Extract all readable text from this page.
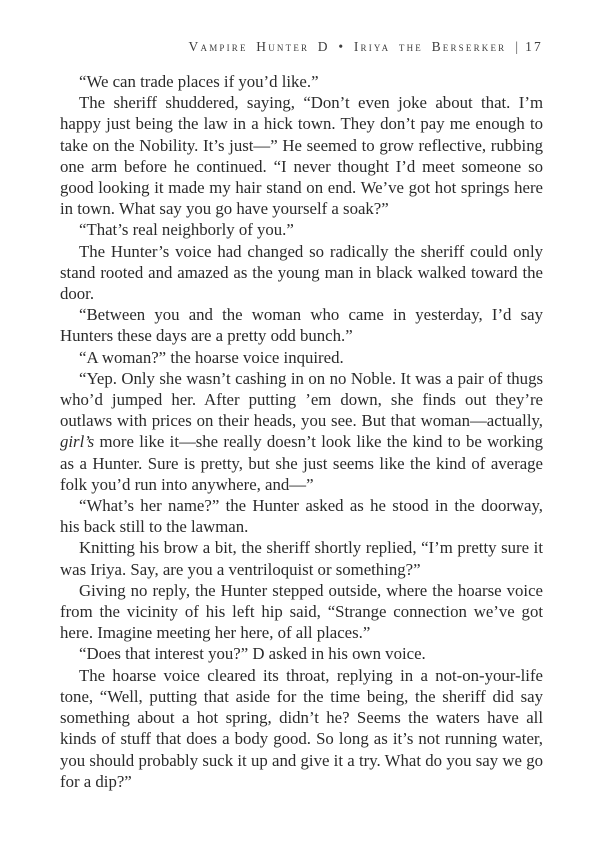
Vampire Hunter D • Iriya the Berserker | 17

“We can trade places if you’d like.”

The sheriff shuddered, saying, “Don’t even joke about that. I’m happy just being the law in a hick town. They don’t pay me enough to take on the Nobility. It’s just—” He seemed to grow reflective, rubbing one arm before he continued. “I never thought I’d meet someone so good looking it made my hair stand on end. We’ve got hot springs here in town. What say you go have yourself a soak?”

“That’s real neighborly of you.”

The Hunter’s voice had changed so radically the sheriff could only stand rooted and amazed as the young man in black walked toward the door.

“Between you and the woman who came in yesterday, I’d say Hunters these days are a pretty odd bunch.”

“A woman?” the hoarse voice inquired.

“Yep. Only she wasn’t cashing in on no Noble. It was a pair of thugs who’d jumped her. After putting ’em down, she finds out they’re outlaws with prices on their heads, you see. But that woman—actually, girl’s more like it—she really doesn’t look like the kind to be working as a Hunter. Sure is pretty, but she just seems like the kind of average folk you’d run into anywhere, and—”

“What’s her name?” the Hunter asked as he stood in the doorway, his back still to the lawman.

Knitting his brow a bit, the sheriff shortly replied, “I’m pretty sure it was Iriya. Say, are you a ventriloquist or something?”

Giving no reply, the Hunter stepped outside, where the hoarse voice from the vicinity of his left hip said, “Strange connection we’ve got here. Imagine meeting her here, of all places.”

“Does that interest you?” D asked in his own voice.

The hoarse voice cleared its throat, replying in a not-on-your-life tone, “Well, putting that aside for the time being, the sheriff did say something about a hot spring, didn’t he? Seems the waters have all kinds of stuff that does a body good. So long as it’s not running water, you should probably suck it up and give it a try. What do you say we go for a dip?”
